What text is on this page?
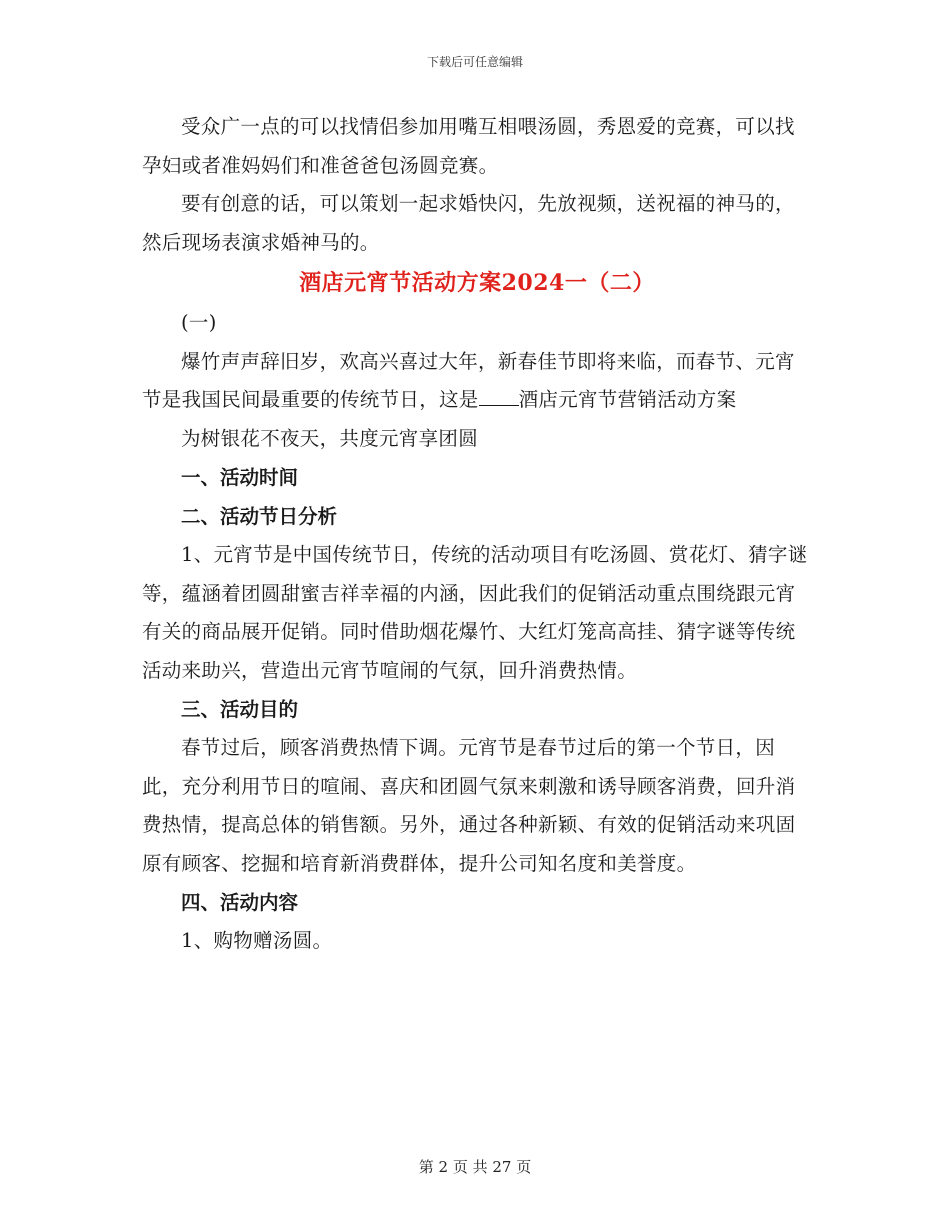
下载后可任意编辑

受众广一点的可以找情侣参加用嘴互相喂汤圆，秀恩爱的竞赛，可以找孕妇或者准妈妈们和准爸爸包汤圆竞赛。

要有创意的话，可以策划一起求婚快闪，先放视频，送祝福的神马的，然后现场表演求婚神马的。

酒店元宵节活动方案2024一（二）

(一)

爆竹声声辞旧岁，欢高兴喜过大年，新春佳节即将来临，而春节、元宵节是我国民间最重要的传统节日，这是 酒店元宵节营销活动方案

为树银花不夜天，共度元宵享团圆

一、活动时间

二、活动节日分析

1、元宵节是中国传统节日，传统的活动项目有吃汤圆、赏花灯、猜字谜等，蕴涵着团圆甜蜜吉祥幸福的内涵，因此我们的促销活动重点围绕跟元宵有关的商品展开促销。同时借助烟花爆竹、大红灯笼高高挂、猜字谜等传统活动来助兴，营造出元宵节喧闹的气氛，回升消费热情。

三、活动目的

春节过后，顾客消费热情下调。元宵节是春节过后的第一个节日，因此，充分利用节日的喧闹、喜庆和团圆气氛来刺激和诱导顾客消费，回升消费热情，提高总体的销售额。另外，通过各种新颖、有效的促销活动来巩固原有顾客、挖掘和培育新消费群体，提升公司知名度和美誉度。

四、活动内容

1、购物赠汤圆。

第 2 页 共 27 页
